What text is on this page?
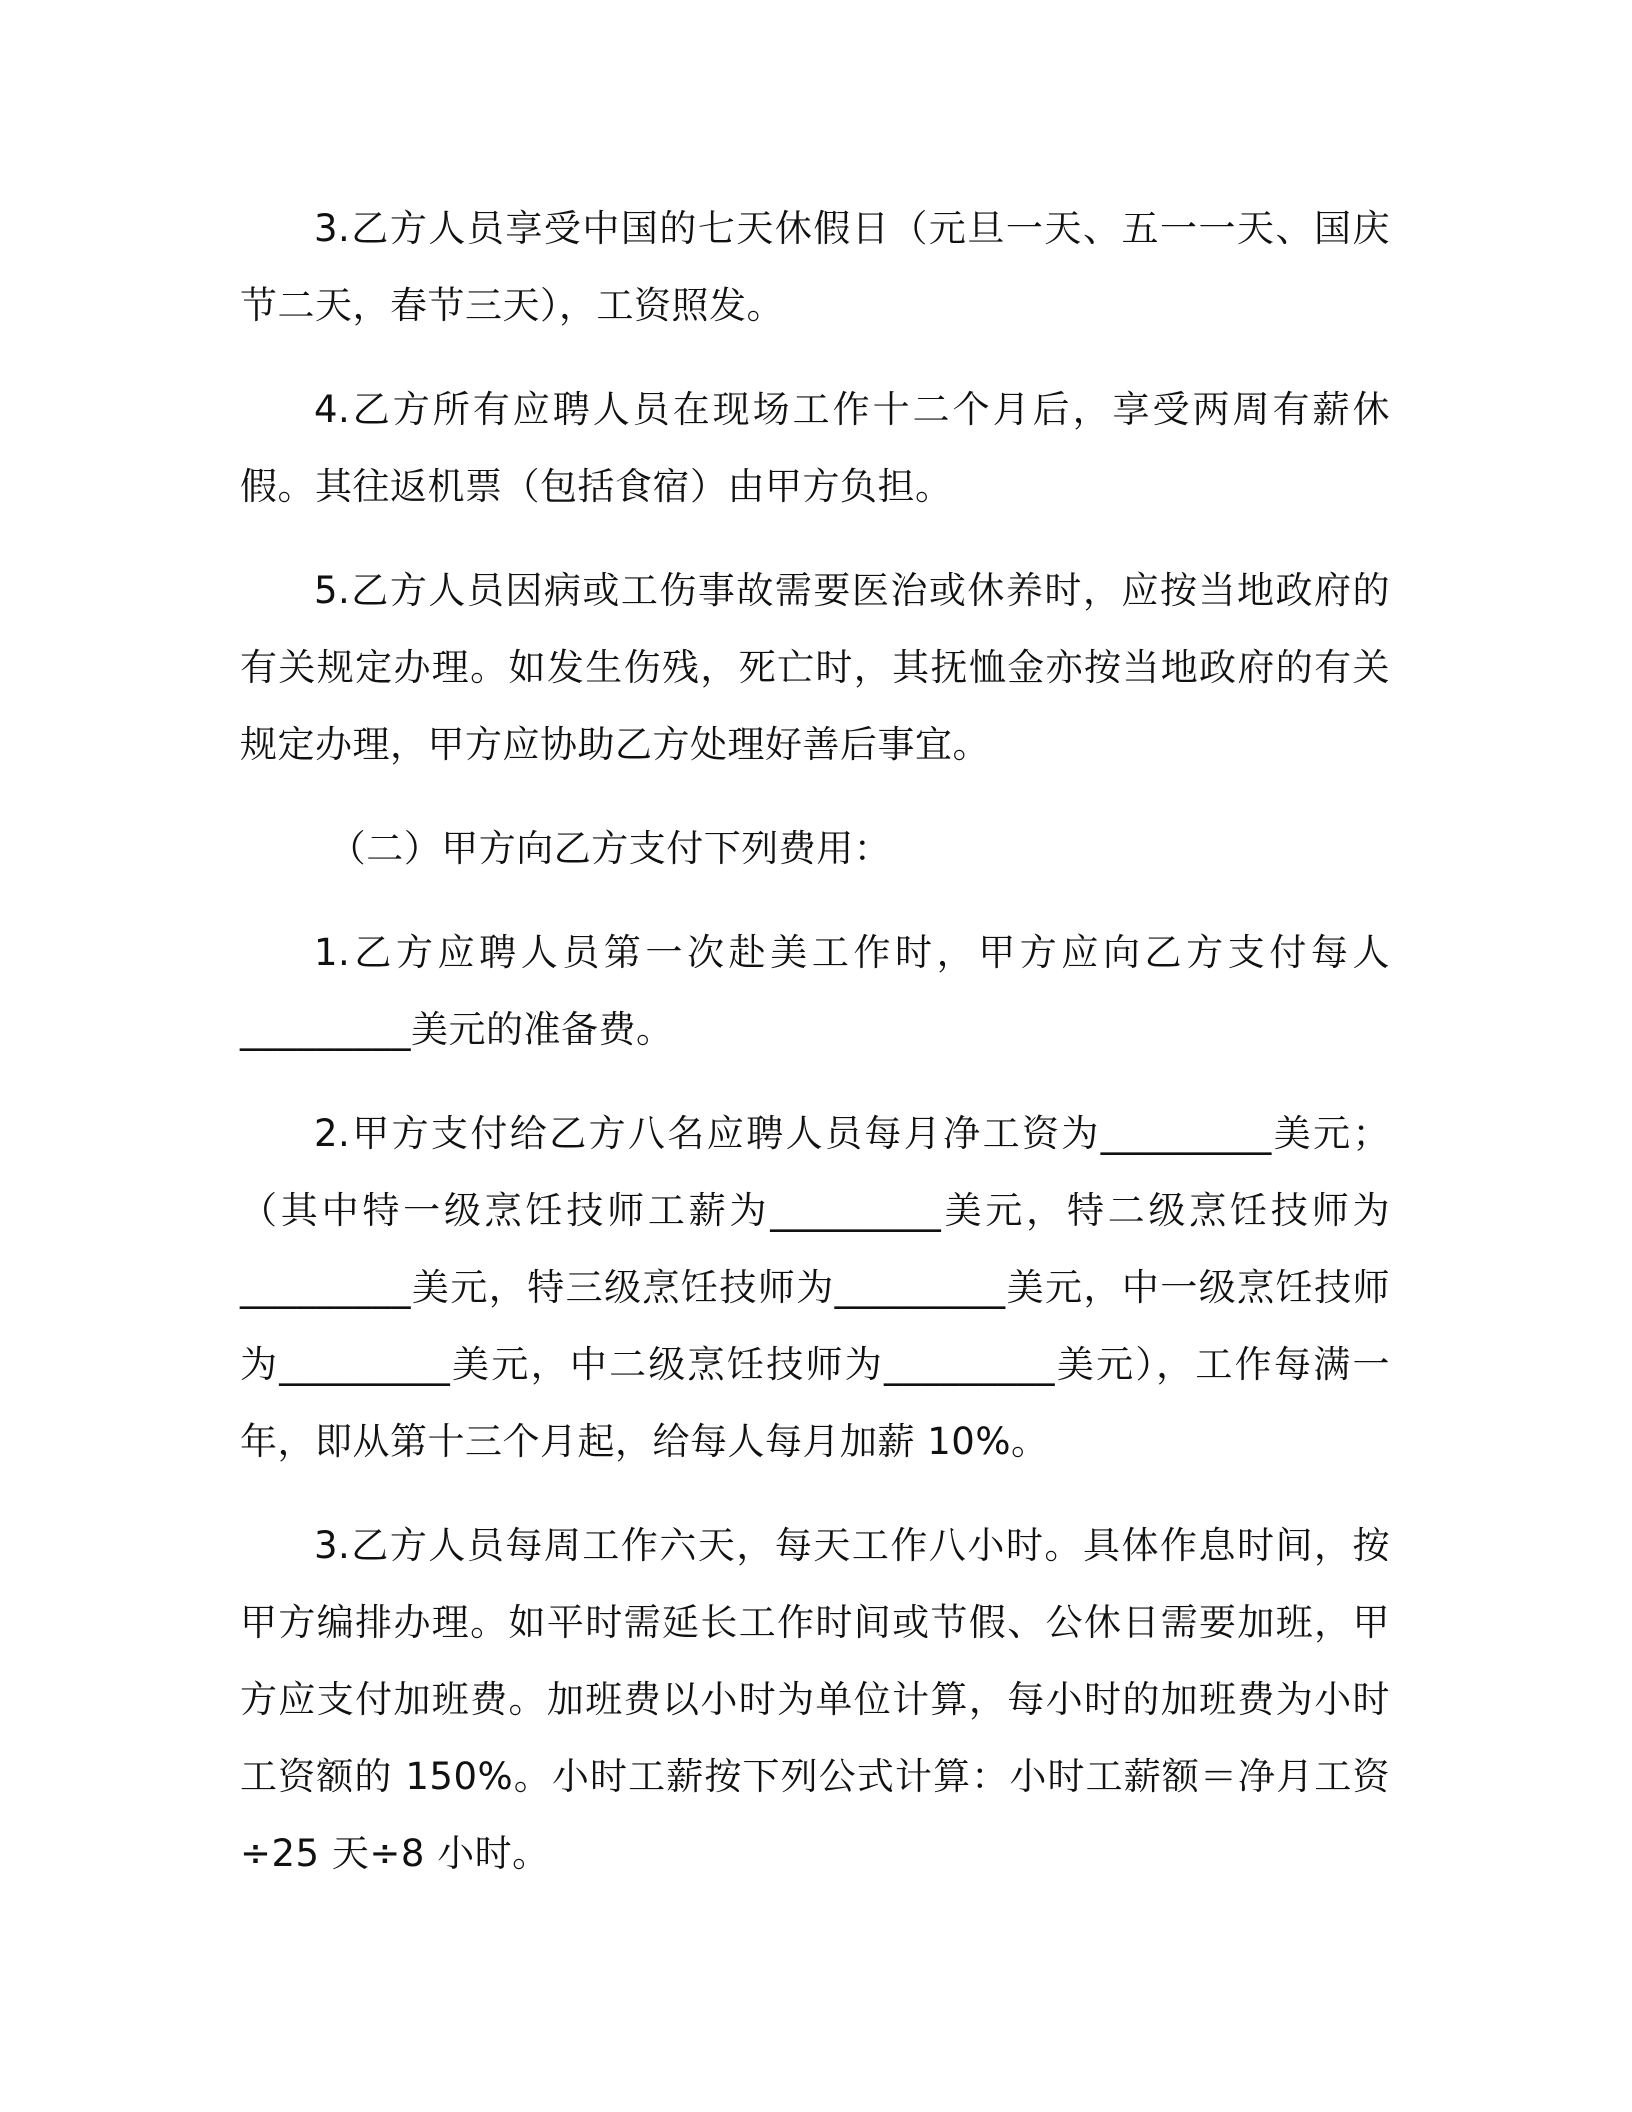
3.乙方人员享受中国的七天休假日（元旦一天、五一一天、国庆节二天，春节三天），工资照发。

4.乙方所有应聘人员在现场工作十二个月后，享受两周有薪休假。其往返机票（包括食宿）由甲方负担。

5.乙方人员因病或工伤事故需要医治或休养时，应按当地政府的有关规定办理。如发生伤残，死亡时，其抚恤金亦按当地政府的有关规定办理，甲方应协助乙方处理好善后事宜。

（二）甲方向乙方支付下列费用：

1.乙方应聘人员第一次赴美工作时，甲方应向乙方支付每人_________美元的准备费。

2.甲方支付给乙方八名应聘人员每月净工资为_________美元；（其中特一级烹饪技师工薪为_________美元，特二级烹饪技师为_________美元，特三级烹饪技师为_________美元，中一级烹饪技师为_________美元，中二级烹饪技师为_________美元），工作每满一年，即从第十三个月起，给每人每月加薪 10%。

3.乙方人员每周工作六天，每天工作八小时。具体作息时间，按甲方编排办理。如平时需延长工作时间或节假、公休日需要加班，甲方应支付加班费。加班费以小时为单位计算，每小时的加班费为小时工资额的 150%。小时工薪按下列公式计算：小时工薪额＝净月工资÷25 天÷8 小时。
